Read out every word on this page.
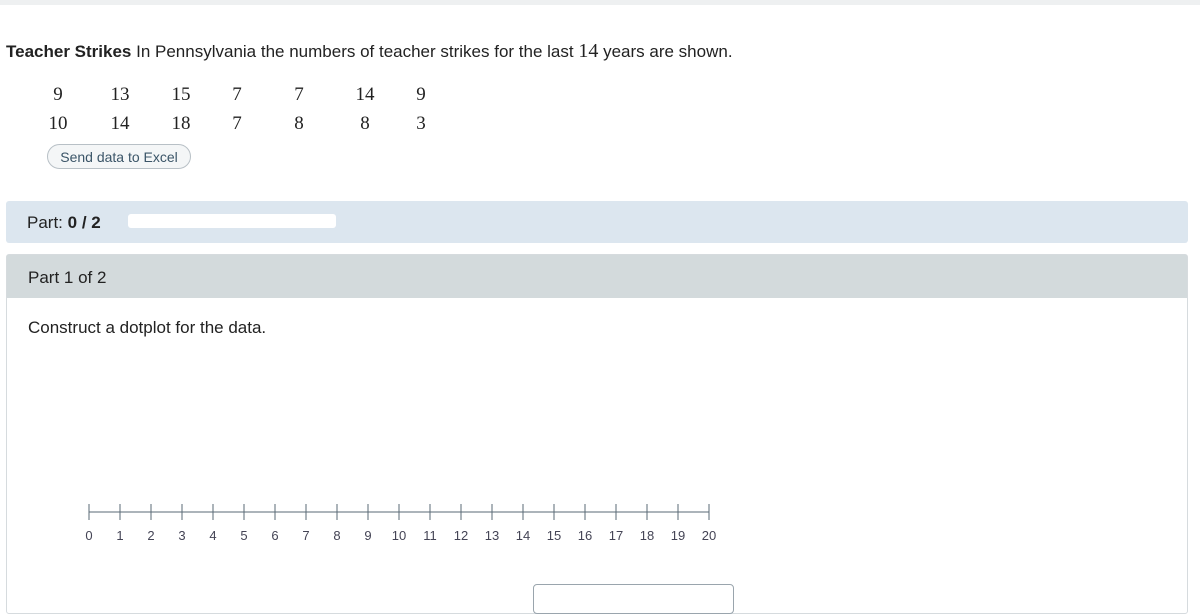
Teacher Strikes In Pennsylvania the numbers of teacher strikes for the last 14 years are shown.
9	13	15	7	7	14	9
10	14	18	7	8	8	3
Send data to Excel
Part: 0 / 2
Part 1 of 2
Construct a dotplot for the data.
0 1 2 3 4 5 6 7 8 9 10 11 12 13 14 15 16 17 18 19 20
